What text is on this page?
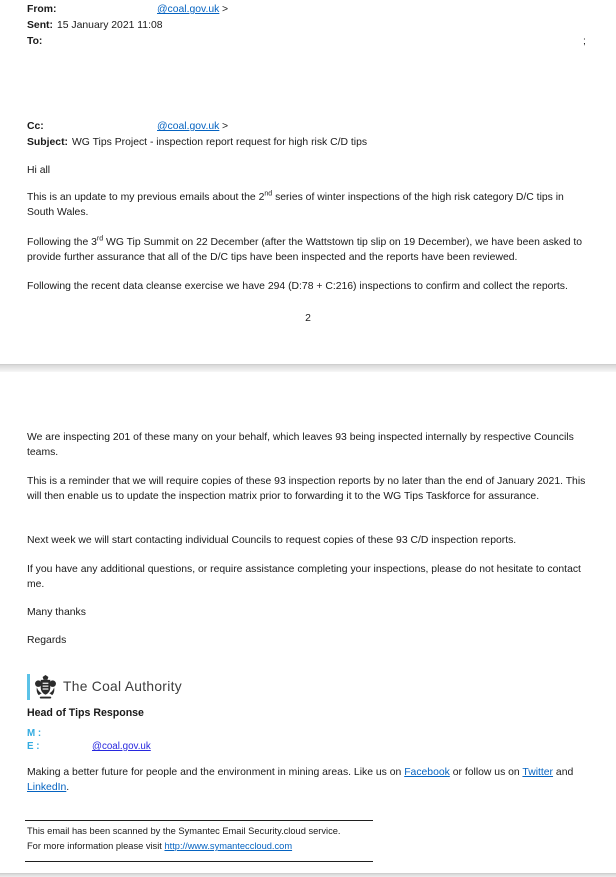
From:	@coal.gov.uk >
Sent: 15 January 2021 11:08
To:	;
Cc:	@coal.gov.uk >
Subject: WG Tips Project - inspection report request for high risk C/D tips
Hi all

This is an update to my previous emails about the 2nd series of winter inspections of the high risk category D/C tips in South Wales.

Following the 3rd WG Tip Summit on 22 December (after the Wattstown tip slip on 19 December), we have been asked to provide further assurance that all of the D/C tips have been inspected and the reports have been reviewed.

Following the recent data cleanse exercise we have 294 (D:78 + C:216) inspections to confirm and collect the reports.

2

We are inspecting 201 of these many on your behalf, which leaves 93 being inspected internally by respective Councils teams.

This is a reminder that we will require copies of these 93 inspection reports by no later than the end of January 2021. This will then enable us to update the inspection matrix prior to forwarding it to the WG Tips Taskforce for assurance.

Next week we will start contacting individual Councils to request copies of these 93 C/D inspection reports.

If you have any additional questions, or require assistance completing your inspections, please do not hesitate to contact me.

Many thanks
Regards
The Coal Authority
Head of Tips Response
M :
E :	@coal.gov.uk

Making a better future for people and the environment in mining areas. Like us on Facebook or follow us on Twitter and LinkedIn.

This email has been scanned by the Symantec Email Security.cloud service.
For more information please visit http://www.symanteccloud.com
